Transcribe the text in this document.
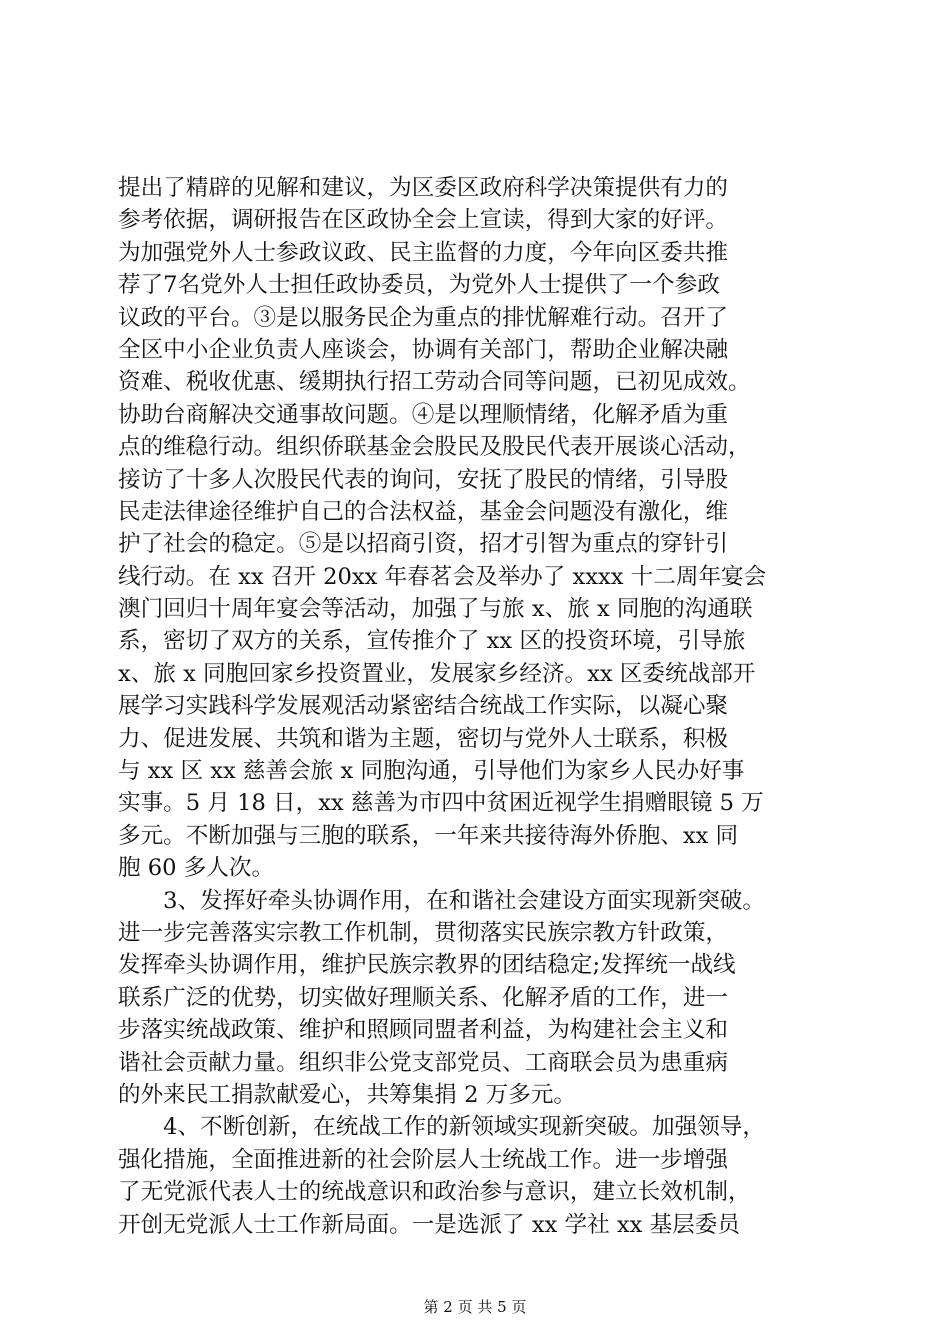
提出了精辟的见解和建议，为区委区政府科学决策提供有力的
参考依据，调研报告在区政协全会上宣读，得到大家的好评。
为加强党外人士参政议政、民主监督的力度，今年向区委共推
荐了7名党外人士担任政协委员，为党外人士提供了一个参政
议政的平台。③是以服务民企为重点的排忧解难行动。召开了
全区中小企业负责人座谈会，协调有关部门，帮助企业解决融
资难、税收优惠、缓期执行招工劳动合同等问题，已初见成效。
协助台商解决交通事故问题。④是以理顺情绪，化解矛盾为重
点的维稳行动。组织侨联基金会股民及股民代表开展谈心活动，
接访了十多人次股民代表的询问，安抚了股民的情绪，引导股
民走法律途径维护自己的合法权益，基金会问题没有激化，维
护了社会的稳定。⑤是以招商引资，招才引智为重点的穿针引
线行动。在 xx 召开 20xx 年春茗会及举办了 xxxx 十二周年宴会
澳门回归十周年宴会等活动，加强了与旅 x、旅 x 同胞的沟通联
系，密切了双方的关系，宣传推介了 xx 区的投资环境，引导旅
x、旅 x 同胞回家乡投资置业，发展家乡经济。xx 区委统战部开
展学习实践科学发展观活动紧密结合统战工作实际，以凝心聚
力、促进发展、共筑和谐为主题，密切与党外人士联系，积极
与 xx 区 xx 慈善会旅 x 同胞沟通，引导他们为家乡人民办好事
实事。5 月 18 日，xx 慈善为市四中贫困近视学生捐赠眼镜 5 万
多元。不断加强与三胞的联系，一年来共接待海外侨胞、xx 同
胞 60 多人次。
　　3、发挥好牵头协调作用，在和谐社会建设方面实现新突破。
进一步完善落实宗教工作机制，贯彻落实民族宗教方针政策，
发挥牵头协调作用，维护民族宗教界的团结稳定;发挥统一战线
联系广泛的优势，切实做好理顺关系、化解矛盾的工作，进一
步落实统战政策、维护和照顾同盟者利益，为构建社会主义和
谐社会贡献力量。组织非公党支部党员、工商联会员为患重病
的外来民工捐款献爱心，共筹集捐 2 万多元。
　　4、不断创新，在统战工作的新领域实现新突破。加强领导，
强化措施，全面推进新的社会阶层人士统战工作。进一步增强
了无党派代表人士的统战意识和政治参与意识，建立长效机制，
开创无党派人士工作新局面。一是选派了 xx 学社 xx 基层委员
第 2 页 共 5 页
